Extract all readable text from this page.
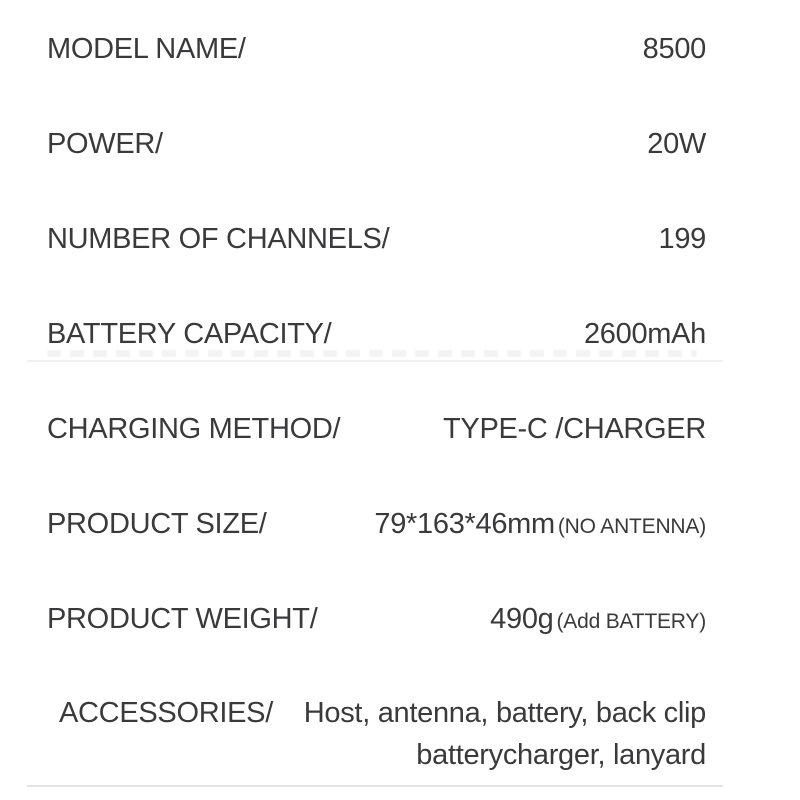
MODEL NAME/	8500
POWER/	20W
NUMBER OF CHANNELS/	199
BATTERY CAPACITY/	2600mAh
CHARGING METHOD/	TYPE-C /CHARGER
PRODUCT SIZE/	79*163*46mm (NO ANTENNA)
PRODUCT WEIGHT/	490g (Add BATTERY)
ACCESSORIES/ Host, antenna, battery, back clip
batterycharger, lanyard
